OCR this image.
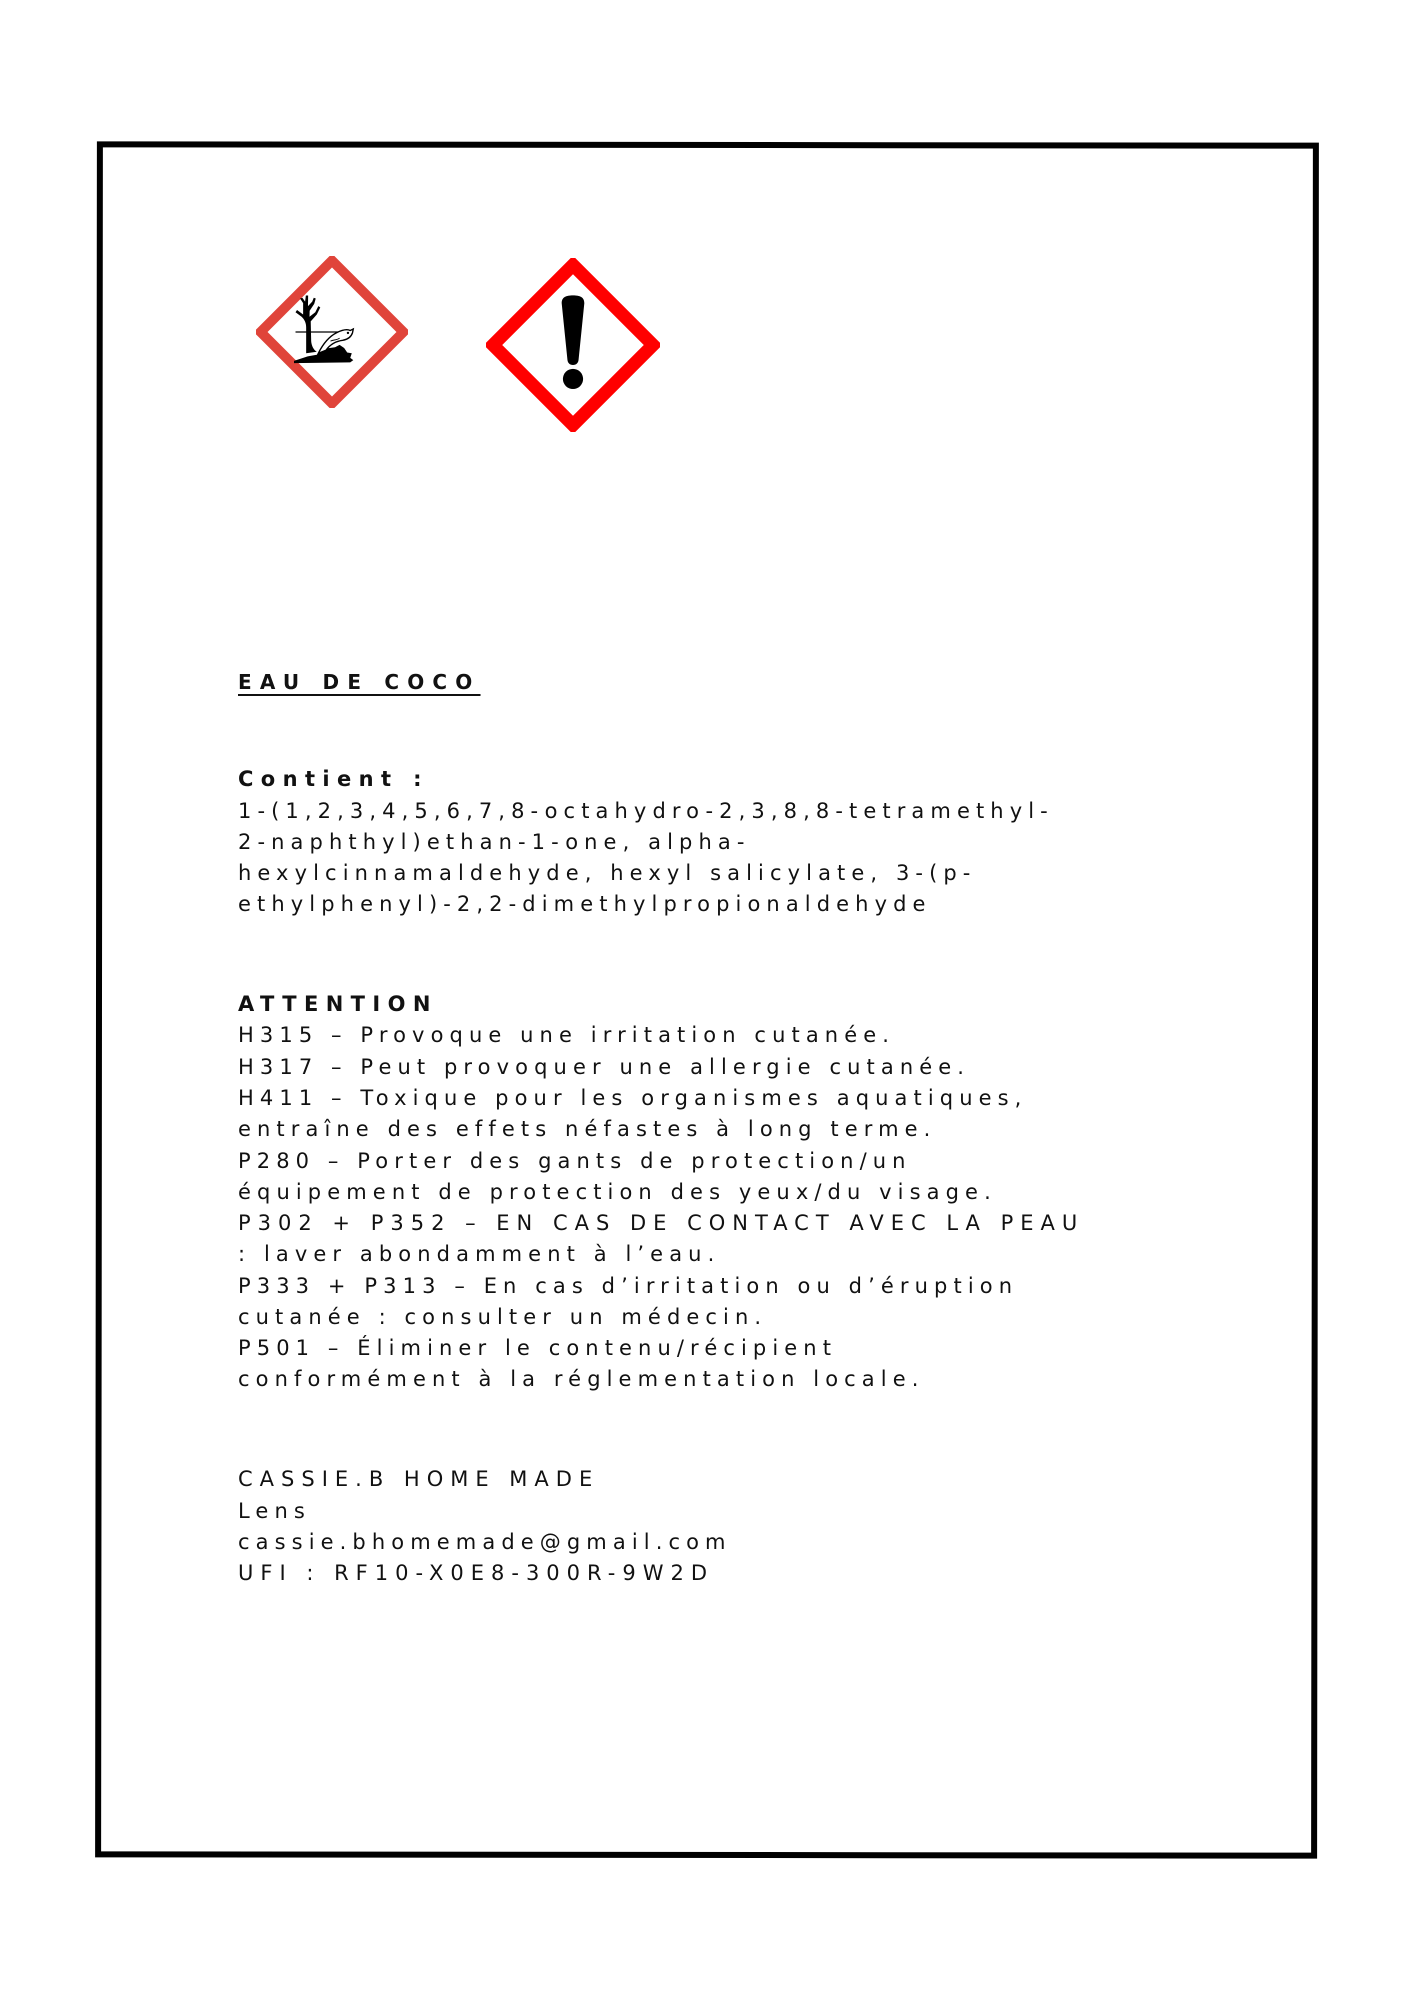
EAU DE COCO
Contient :
1-(1,2,3,4,5,6,7,8-octahydro-2,3,8,8-tetramethyl-
2-naphthyl)ethan-1-one, alpha-
hexylcinnamaldehyde, hexyl salicylate, 3-(p-
ethylphenyl)-2,2-dimethylpropionaldehyde
ATTENTION
H315 – Provoque une irritation cutanée.
H317 – Peut provoquer une allergie cutanée.
H411 – Toxique pour les organismes aquatiques,
entraîne des effets néfastes à long terme.
P280 – Porter des gants de protection/un
équipement de protection des yeux/du visage.
P302 + P352 – EN CAS DE CONTACT AVEC LA PEAU
: laver abondamment à l’eau.
P333 + P313 – En cas d’irritation ou d’éruption
cutanée : consulter un médecin.
P501 – Éliminer le contenu/récipient
conformément à la réglementation locale.
CASSIE.B HOME MADE
Lens
cassie.bhomemade@gmail.com
UFI : RF10-X0E8-300R-9W2D
